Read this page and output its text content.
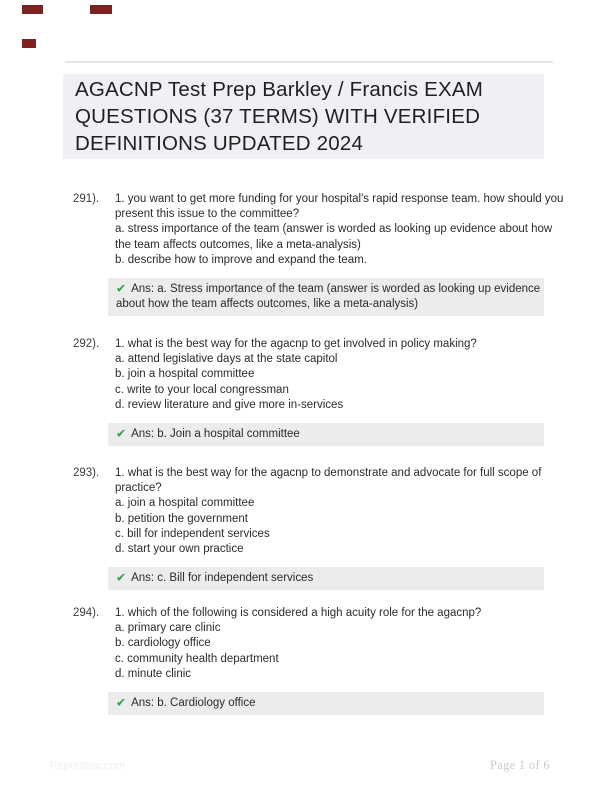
AGACNP Test Prep Barkley / Francis EXAM QUESTIONS (37 TERMS) WITH VERIFIED DEFINITIONS UPDATED 2024
291). 1. you want to get more funding for your hospital's rapid response team. how should you
present this issue to the committee?
a. stress importance of the team (answer is worded as looking up evidence about how
the team affects outcomes, like a meta-analysis)
b. describe how to improve and expand the team.
✔ Ans: a. Stress importance of the team (answer is worded as looking up evidence
about how the team affects outcomes, like a meta-analysis)
292). 1. what is the best way for the agacnp to get involved in policy making?
a. attend legislative days at the state capitol
b. join a hospital committee
c. write to your local congressman
d. review literature and give more in-services
✔ Ans: b. Join a hospital committee
293). 1. what is the best way for the agacnp to demonstrate and advocate for full scope of
practice?
a. join a hospital committee
b. petition the government
c. bill for independent services
d. start your own practice
✔ Ans: c. Bill for independent services
294). 1. which of the following is considered a high acuity role for the agacnp?
a. primary care clinic
b. cardiology office
c. community health department
d. minute clinic
✔ Ans: b. Cardiology office
PaperStoc.com	Page 1 of 6
